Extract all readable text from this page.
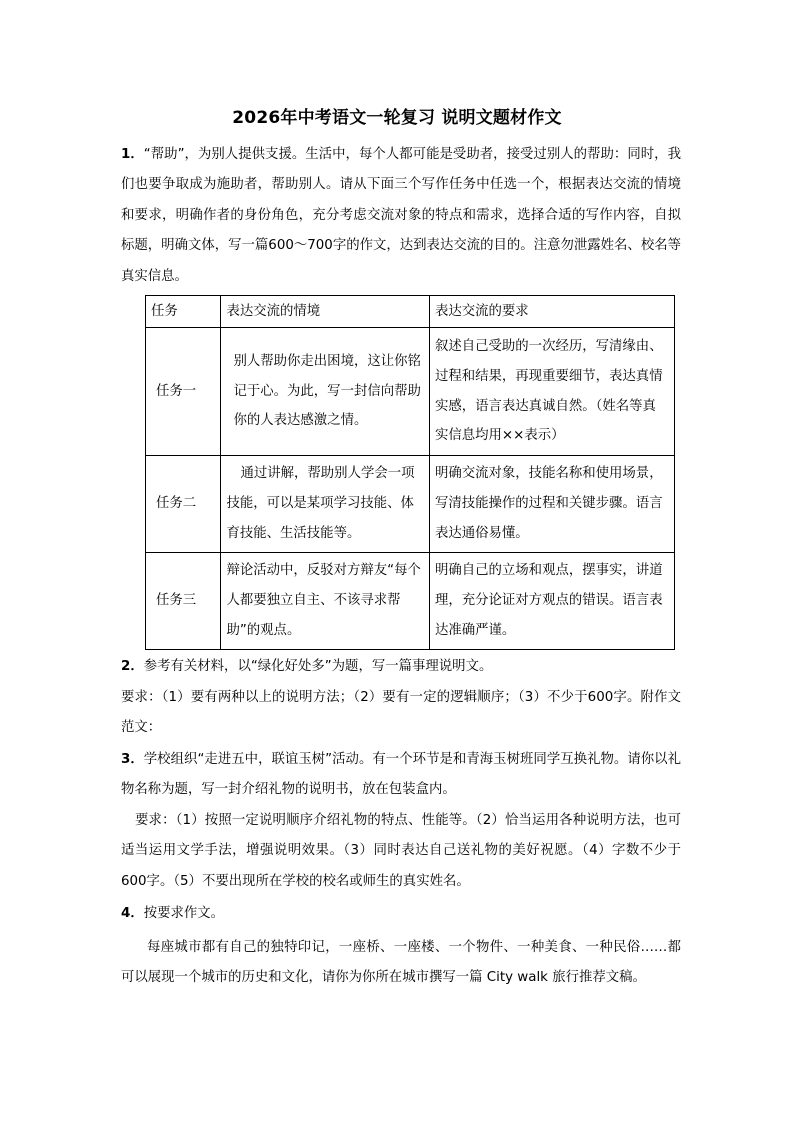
2026年中考语文一轮复习 说明文题材作文

1．“帮助”，为别人提供支援。生活中，每个人都可能是受助者，接受过别人的帮助：同时，我们也要争取成为施助者，帮助别人。请从下面三个写作任务中任选一个，根据表达交流的情境和要求，明确作者的身份角色，充分考虑交流对象的特点和需求，选择合适的写作内容，自拟标题，明确文体，写一篇600～700字的作文，达到表达交流的目的。注意勿泄露姓名、校名等真实信息。

任务	表达交流的情境	表达交流的要求
任务一	别人帮助你走出困境，这让你铭记于心。为此，写一封信向帮助你的人表达感激之情。	叙述自己受助的一次经历，写清缘由、过程和结果，再现重要细节，表达真情实感，语言表达真诚自然。（姓名等真实信息均用××表示）
任务二	通过讲解，帮助别人学会一项技能，可以是某项学习技能、体育技能、生活技能等。	明确交流对象，技能名称和使用场景，写清技能操作的过程和关键步骤。语言表达通俗易懂。
任务三	辩论活动中，反驳对方辩友“每个人都要独立自主、不该寻求帮助”的观点。	明确自己的立场和观点，摆事实，讲道理，充分论证对方观点的错误。语言表达准确严谨。

2．参考有关材料，以“绿化好处多”为题，写一篇事理说明文。

要求：（1）要有两种以上的说明方法；（2）要有一定的逻辑顺序；（3）不少于600字。附作文范文：

3．学校组织“走进五中，联谊玉树”活动。有一个环节是和青海玉树班同学互换礼物。请你以礼物名称为题，写一封介绍礼物的说明书，放在包装盒内。

要求：（1）按照一定说明顺序介绍礼物的特点、性能等。（2）恰当运用各种说明方法，也可适当运用文学手法，增强说明效果。（3）同时表达自己送礼物的美好祝愿。（4）字数不少于600字。（5）不要出现所在学校的校名或师生的真实姓名。

4．按要求作文。

每座城市都有自己的独特印记，一座桥、一座楼、一个物件、一种美食、一种民俗……都可以展现一个城市的历史和文化，请你为你所在城市撰写一篇 City walk 旅行推荐文稿。
